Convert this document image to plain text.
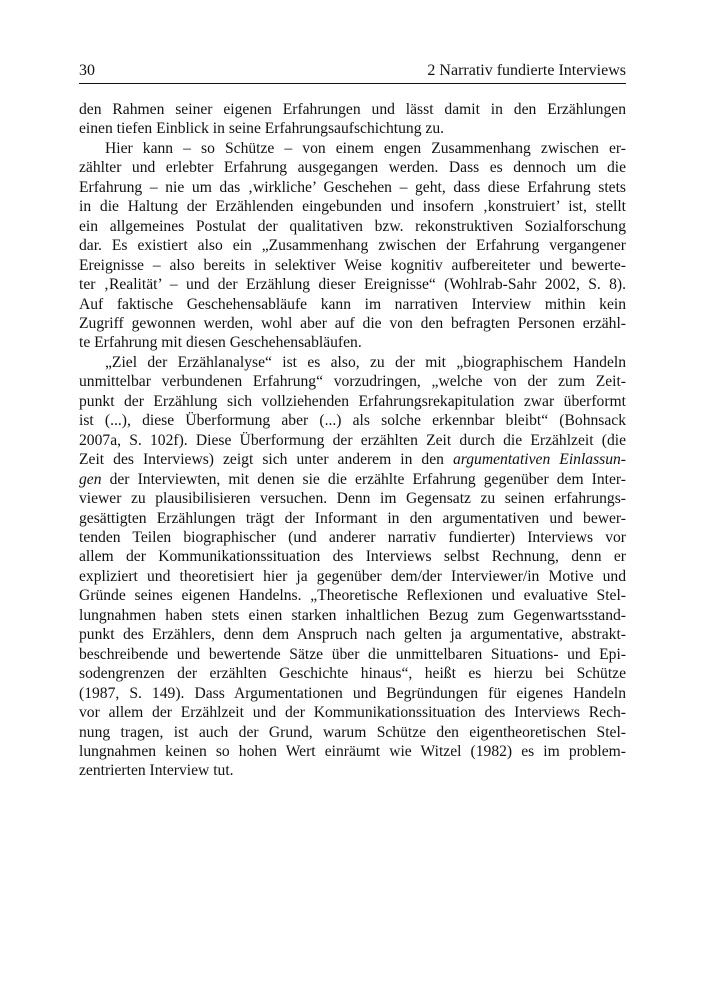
30	2 Narrativ fundierte Interviews
den Rahmen seiner eigenen Erfahrungen und lässt damit in den Erzählungen
einen tiefen Einblick in seine Erfahrungsaufschichtung zu.
Hier kann – so Schütze – von einem engen Zusammenhang zwischen er-
zählter und erlebter Erfahrung ausgegangen werden. Dass es dennoch um die
Erfahrung – nie um das ‚wirkliche’ Geschehen – geht, dass diese Erfahrung stets
in die Haltung der Erzählenden eingebunden und insofern ‚konstruiert’ ist, stellt
ein allgemeines Postulat der qualitativen bzw. rekonstruktiven Sozialforschung
dar. Es existiert also ein „Zusammenhang zwischen der Erfahrung vergangener
Ereignisse – also bereits in selektiver Weise kognitiv aufbereiteter und bewerte-
ter ‚Realität’ – und der Erzählung dieser Ereignisse“ (Wohlrab-Sahr 2002, S. 8).
Auf faktische Geschehensabläufe kann im narrativen Interview mithin kein
Zugriff gewonnen werden, wohl aber auf die von den befragten Personen erzähl-
te Erfahrung mit diesen Geschehensabläufen.
„Ziel der Erzählanalyse“ ist es also, zu der mit „biographischem Handeln
unmittelbar verbundenen Erfahrung“ vorzudringen, „welche von der zum Zeit-
punkt der Erzählung sich vollziehenden Erfahrungsrekapitulation zwar überformt
ist (...), diese Überformung aber (...) als solche erkennbar bleibt“ (Bohnsack
2007a, S. 102f). Diese Überformung der erzählten Zeit durch die Erzählzeit (die
Zeit des Interviews) zeigt sich unter anderem in den argumentativen Einlassun-
gen der Interviewten, mit denen sie die erzählte Erfahrung gegenüber dem Inter-
viewer zu plausibilisieren versuchen. Denn im Gegensatz zu seinen erfahrungs-
gesättigten Erzählungen trägt der Informant in den argumentativen und bewer-
tenden Teilen biographischer (und anderer narrativ fundierter) Interviews vor
allem der Kommunikationssituation des Interviews selbst Rechnung, denn er
expliziert und theoretisiert hier ja gegenüber dem/der Interviewer/in Motive und
Gründe seines eigenen Handelns. „Theoretische Reflexionen und evaluative Stel-
lungnahmen haben stets einen starken inhaltlichen Bezug zum Gegenwartsstand-
punkt des Erzählers, denn dem Anspruch nach gelten ja argumentative, abstrakt-
beschreibende und bewertende Sätze über die unmittelbaren Situations- und Epi-
sodengrenzen der erzählten Geschichte hinaus“, heißt es hierzu bei Schütze
(1987, S. 149). Dass Argumentationen und Begründungen für eigenes Handeln
vor allem der Erzählzeit und der Kommunikationssituation des Interviews Rech-
nung tragen, ist auch der Grund, warum Schütze den eigentheoretischen Stel-
lungnahmen keinen so hohen Wert einräumt wie Witzel (1982) es im problem-
zentrierten Interview tut.
